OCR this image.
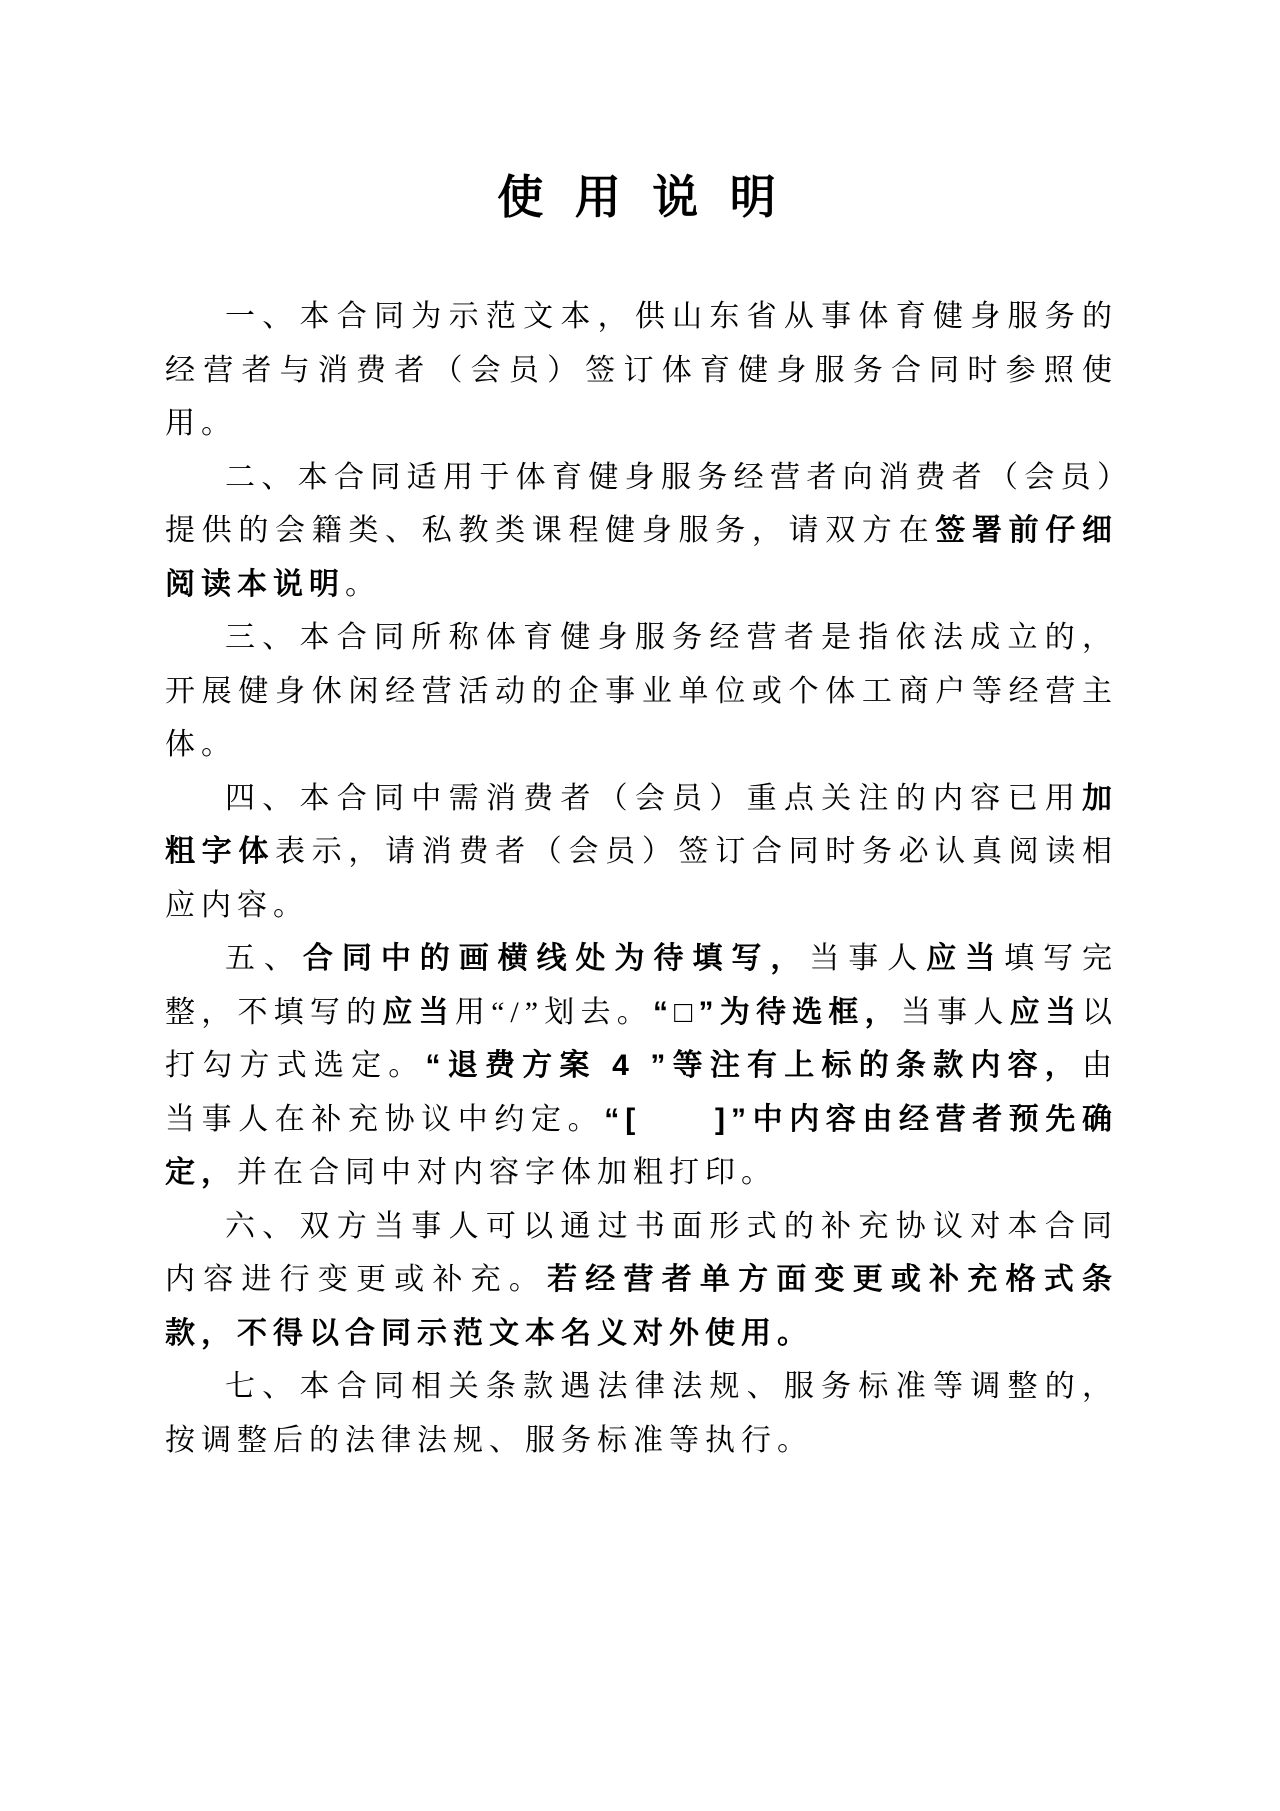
使 用 说 明

一、本合同为示范文本，供山东省从事体育健身服务的经营者与消费者（会员）签订体育健身服务合同时参照使用。

二、本合同适用于体育健身服务经营者向消费者（会员）提供的会籍类、私教类课程健身服务，请双方在签署前仔细阅读本说明。

三、本合同所称体育健身服务经营者是指依法成立的，开展健身休闲经营活动的企事业单位或个体工商户等经营主体。

四、本合同中需消费者（会员）重点关注的内容已用加粗字体表示，请消费者（会员）签订合同时务必认真阅读相应内容。

五、合同中的画横线处为待填写，当事人应当填写完整，不填写的应当用“/”划去。“□”为待选框，当事人应当以打勾方式选定。“退费方案 4 ”等注有上标的条款内容，由当事人在补充协议中约定。“[　　]”中内容由经营者预先确定，并在合同中对内容字体加粗打印。

六、双方当事人可以通过书面形式的补充协议对本合同内容进行变更或补充。若经营者单方面变更或补充格式条款，不得以合同示范文本名义对外使用。

七、本合同相关条款遇法律法规、服务标准等调整的，按调整后的法律法规、服务标准等执行。
